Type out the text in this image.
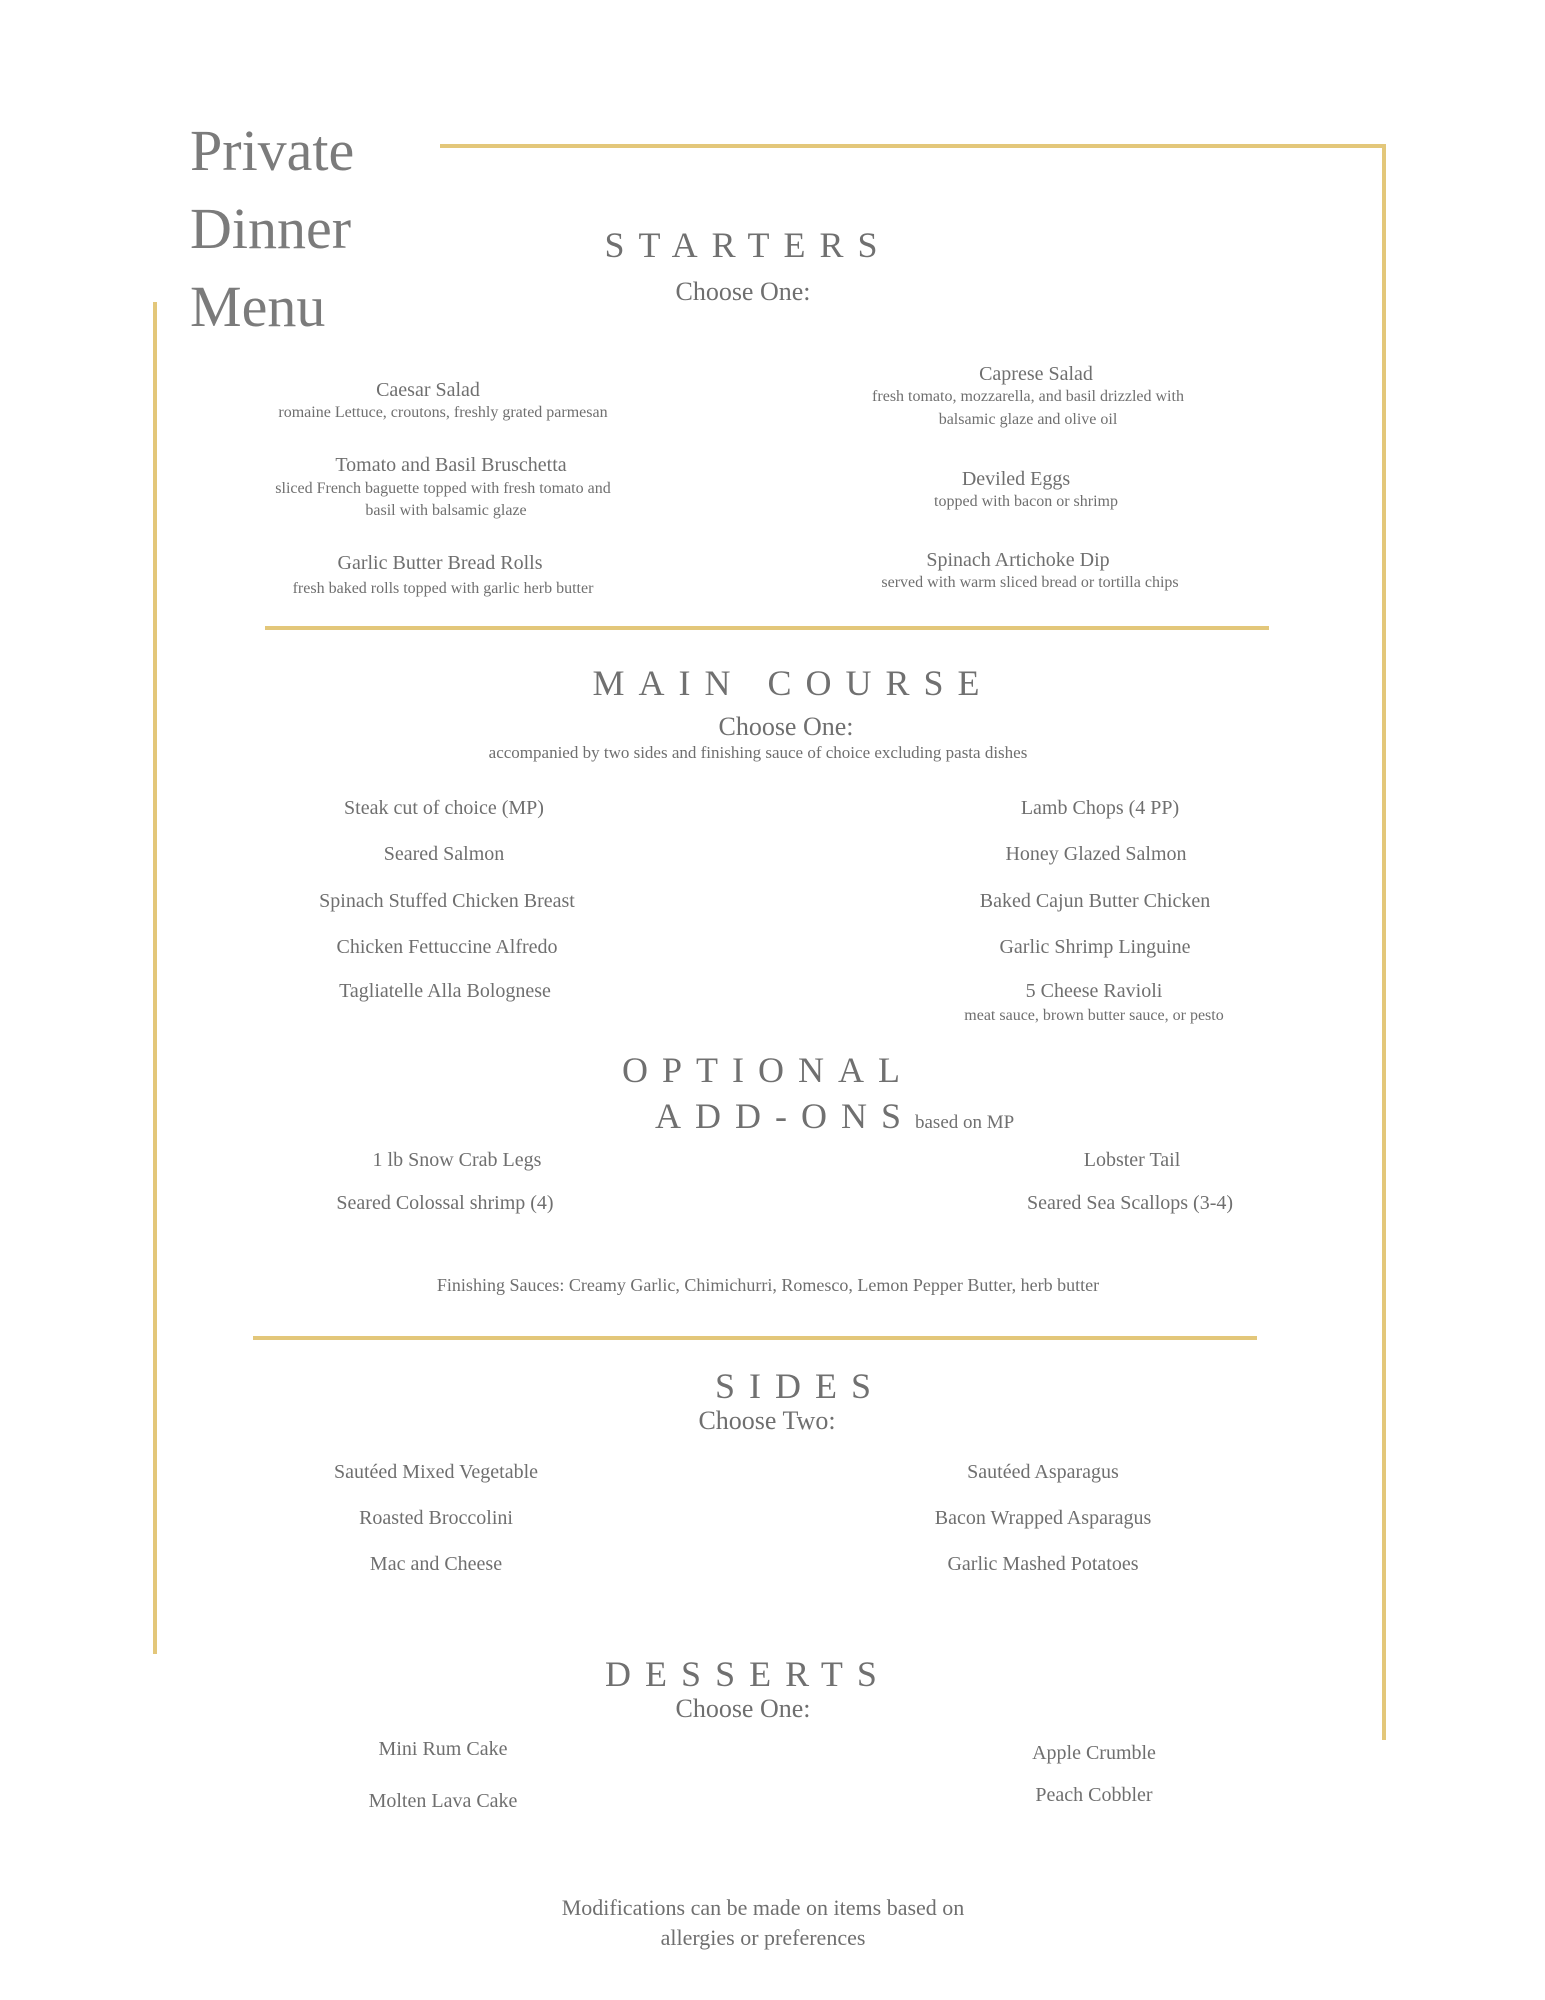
Private
Dinner
Menu
STARTERS
Choose One:
Caesar Salad
romaine Lettuce, croutons, freshly grated parmesan
Tomato and Basil Bruschetta
sliced French baguette topped with fresh tomato and
basil with balsamic glaze
Garlic Butter Bread Rolls
fresh baked rolls topped with garlic herb butter
Caprese Salad
fresh tomato, mozzarella, and basil drizzled with
balsamic glaze and olive oil
Deviled Eggs
topped with bacon or shrimp
Spinach Artichoke Dip
served with warm sliced bread or tortilla chips
MAIN COURSE
Choose One:
accompanied by two sides and finishing sauce of choice excluding pasta dishes
Steak cut of choice (MP)
Seared Salmon
Spinach Stuffed Chicken Breast
Chicken Fettuccine Alfredo
Tagliatelle Alla Bolognese
Lamb Chops (4 PP)
Honey Glazed Salmon
Baked Cajun Butter Chicken
Garlic Shrimp Linguine
5 Cheese Ravioli
meat sauce, brown butter sauce, or pesto
OPTIONAL
ADD-ONSbased on MP
1 lb Snow Crab Legs
Seared Colossal shrimp (4)
Lobster Tail
Seared Sea Scallops (3-4)
Finishing Sauces: Creamy Garlic, Chimichurri, Romesco, Lemon Pepper Butter, herb butter
SIDES
Choose Two:
Sautéed Mixed Vegetable
Roasted Broccolini
Mac and Cheese
Sautéed Asparagus
Bacon Wrapped Asparagus
Garlic Mashed Potatoes
DESSERTS
Choose One:
Mini Rum Cake
Molten Lava Cake
Apple Crumble
Peach Cobbler
Modifications can be made on items based on
allergies or preferences
